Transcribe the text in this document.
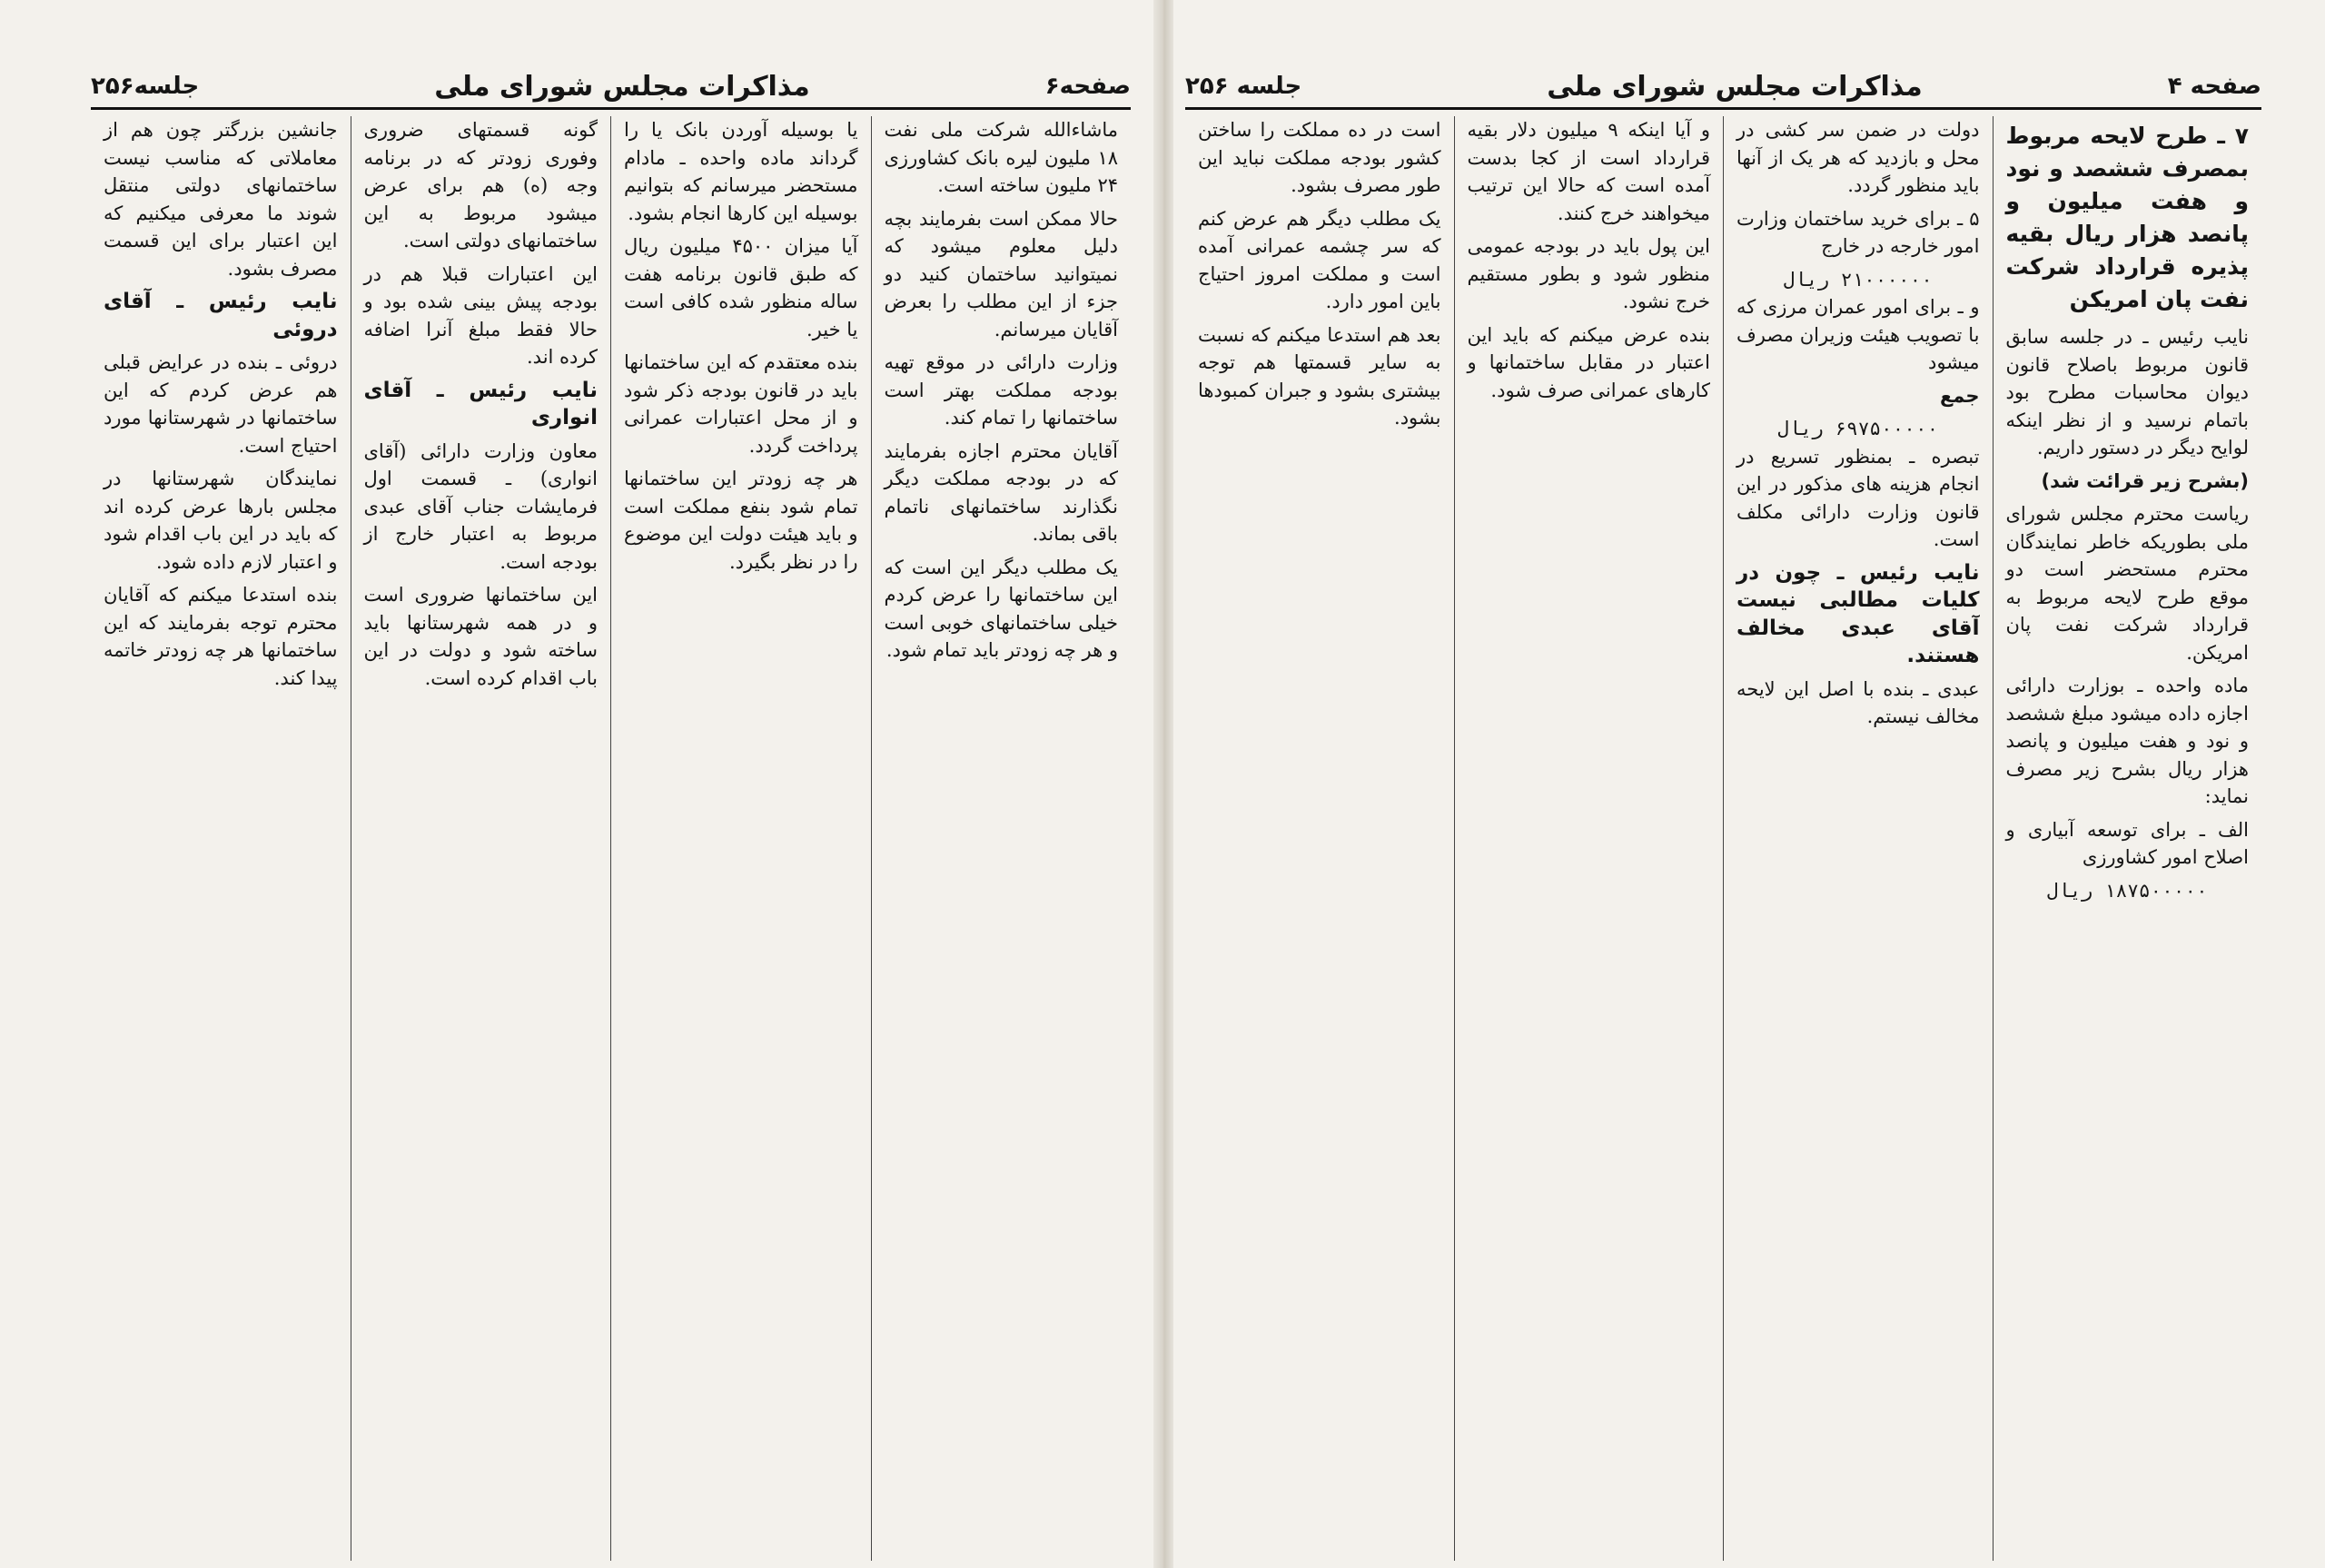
صفحه۶
مذاکرات مجلس شورای ملی
جلسه۲۵۶

ماشاءالله شرکت ملی نفت ۱۸ ملیون لیره بانک کشاورزی ۲۴ ملیون ساخته است.

حالا ممکن است بفرمایند بچه دلیل معلوم میشود که نمیتوانید ساختمان کنید دو جزء از این مطلب را بعرض آقایان میرسانم.

وزارت دارائی در موقع تهیه بودجه مملکت بهتر است ساختمانها را تمام کند.

آقایان محترم اجازه بفرمایند که در بودجه مملکت دیگر نگذارند ساختمانهای ناتمام باقی بماند.

یک مطلب دیگر این است که این ساختمانها را عرض کردم خیلی ساختمانهای خوبی است و هر چه زودتر باید تمام شود.

یا بوسیله آوردن بانک یا را گرداند ماده واحده ـ مادام مستحضر میرسانم که بتوانیم بوسیله این کارها انجام بشود.

آیا میزان ۴۵۰۰ میلیون ریال که طبق قانون برنامه هفت ساله منظور شده کافی است یا خیر.

بنده معتقدم که این ساختمانها باید در قانون بودجه ذکر شود و از محل اعتبارات عمرانی پرداخت گردد.

هر چه زودتر این ساختمانها تمام شود بنفع مملکت است و باید هیئت دولت این موضوع را در نظر بگیرد.

گونه قسمتهای ضروری وفوری زودتر که در برنامه وجه (ه) هم برای عرض میشود مربوط به این ساختمانهای دولتی است.

این اعتبارات قبلا هم در بودجه پیش بینی شده بود و حالا فقط مبلغ آنرا اضافه کرده اند.

نایب رئیس ـ آقای انواری

معاون وزارت دارائی (آقای انواری) ـ قسمت اول فرمایشات جناب آقای عبدی مربوط به اعتبار خارج از بودجه است.

این ساختمانها ضروری است و در همه شهرستانها باید ساخته شود و دولت در این باب اقدام کرده است.

جانشین بزرگتر چون هم از معاملاتی که مناسب نیست ساختمانهای دولتی منتقل شوند ما معرفی میکنیم که این اعتبار برای این قسمت مصرف بشود.

نایب رئیس ـ آقای دروئی

دروئی ـ بنده در عرایض قبلی هم عرض کردم که این ساختمانها در شهرستانها مورد احتیاج است.

نمایندگان شهرستانها در مجلس بارها عرض کرده اند که باید در این باب اقدام شود و اعتبار لازم داده شود.

بنده استدعا میکنم که آقایان محترم توجه بفرمایند که این ساختمانها هر چه زودتر خاتمه پیدا کند.

صفحه ۴
مذاکرات مجلس شورای ملی
جلسه ۲۵۶
۷ ـ طرح لایحه مربوط بمصرف ششصد و نود و هفت میلیون و پانصد هزار ریال بقیه پذیره قرارداد شرکت نفت پان امریکن

نایب رئیس ـ در جلسه سابق قانون مربوط باصلاح قانون دیوان محاسبات مطرح بود باتمام نرسید و از نظر اینکه لوایح دیگر در دستور داریم.

(بشرح زیر قرائت شد)

ریاست محترم مجلس شورای ملی بطوریکه خاطر نمایندگان محترم مستحضر است دو موقع طرح لایحه مربوط به قرارداد شرکت نفت پان امریکن.

ماده واحده ـ بوزارت دارائی اجازه داده میشود مبلغ ششصد و نود و هفت میلیون و پانصد هزار ریال بشرح زیر مصرف نماید:

الف ـ برای توسعه آبیاری و اصلاح امور کشاورزی

۱۸۷۵۰۰۰۰۰ ریال

دولت در ضمن سر کشی در محل و بازدید که هر یک از آنها باید منظور گردد.

۵ ـ برای خرید ساختمان وزارت امور خارجه در خارج

۲۱۰۰۰۰۰۰ ریال

و ـ برای امور عمران مرزی که با تصویب هیئت وزیران مصرف میشود

جمع

۶۹۷۵۰۰۰۰۰ ریال

تبصره ـ بمنظور تسریع در انجام هزینه های مذکور در این قانون وزارت دارائی مکلف است.

نایب رئیس ـ چون در کلیات مطالبی نیست آقای عبدی مخالف هستند.

عبدی ـ بنده با اصل این لایحه مخالف نیستم.

و آیا اینکه ۹ میلیون دلار بقیه قرارداد است از کجا بدست آمده است که حالا این ترتیب میخواهند خرج کنند.

این پول باید در بودجه عمومی منظور شود و بطور مستقیم خرج نشود.

بنده عرض میکنم که باید این اعتبار در مقابل ساختمانها و کارهای عمرانی صرف شود.

است در ده مملکت را ساختن کشور بودجه مملکت نباید این طور مصرف بشود.

یک مطلب دیگر هم عرض کنم که سر چشمه عمرانی آمده است و مملکت امروز احتیاج باین امور دارد.

بعد هم استدعا میکنم که نسبت به سایر قسمتها هم توجه بیشتری بشود و جبران کمبودها بشود.
